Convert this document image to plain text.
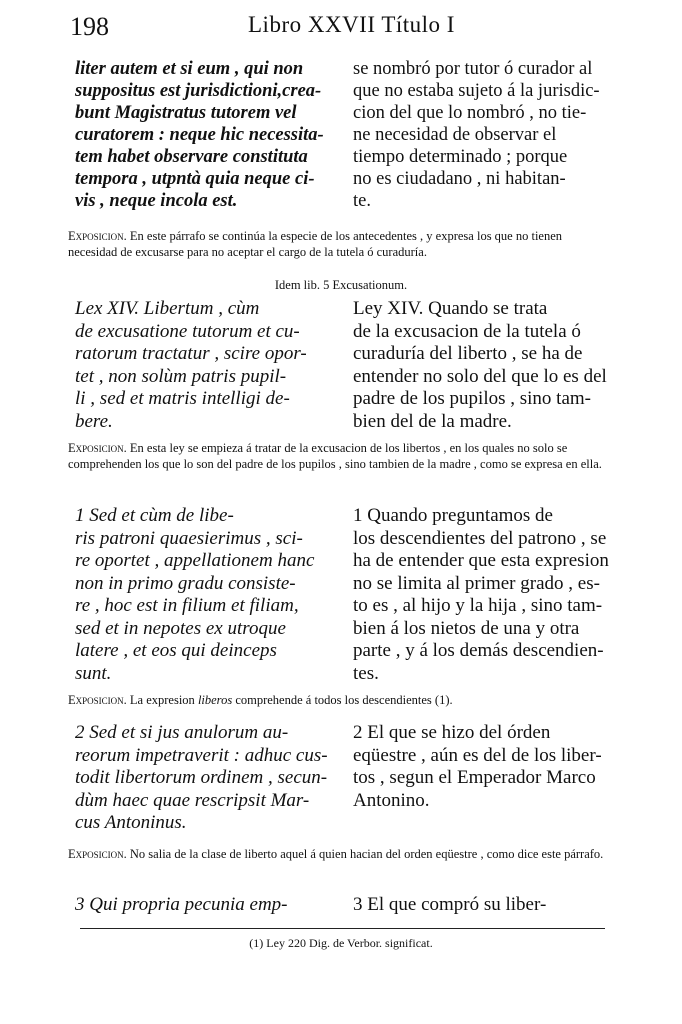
198	Libro XXVII Título I
liter autem et si eum , qui non
suppositus est jurisdictioni,crea-
bunt Magistratus tutorem vel
curatorem : neque hic necessita-
tem habet observare constituta
tempora , utpntà quia neque ci-
vis , neque incola est.
se nombró por tutor ó curador al
que no estaba sujeto á la jurisdic-
cion del que lo nombró , no tie-
ne necesidad de observar el
tiempo determinado ; porque
no es ciudadano , ni habitan-
te.
Exposicion. En este párrafo se continúa la especie de los antecedentes , y expresa los que no tienen necesidad de excusarse para no aceptar el cargo de la tutela ó curaduría.
Idem lib. 5 Excusationum.
Lex XIV. Libertum , cùm
de excusatione tutorum et cu-
ratorum tractatur , scire opor-
tet , non solùm patris pupil-
li , sed et matris intelligi de-
bere.
Ley XIV. Quando se trata
de la excusacion de la tutela ó
curaduría del liberto , se ha de
entender no solo del que lo es del
padre de los pupilos , sino tam-
bien del de la madre.
Exposicion. En esta ley se empieza á tratar de la excusacion de los libertos , en los quales no solo se comprehenden los que lo son del padre de los pupilos , sino tambien de la madre , como se expresa en ella.
1 Sed et cùm de libe-
ris patroni quaesierimus , sci-
re oportet , appellationem hanc
non in primo gradu consiste-
re , hoc est in filium et filiam,
sed et in nepotes ex utroque
latere , et eos qui deinceps
sunt.
1 Quando preguntamos de
los descendientes del patrono , se
ha de entender que esta expresion
no se limita al primer grado , es-
to es , al hijo y la hija , sino tam-
bien á los nietos de una y otra
parte , y á los demás descendien-
tes.
Exposicion. La expresion liberos comprehende á todos los descendientes (1).
2 Sed et si jus anulorum au-
reorum impetraverit : adhuc cus-
todit libertorum ordinem , secun-
dùm haec quae rescripsit Mar-
cus Antoninus.
2 El que se hizo del órden
eqüestre , aún es del de los liber-
tos , segun el Emperador Marco
Antonino.
Exposicion. No salia de la clase de liberto aquel á quien hacian del orden eqüestre , como dice este párrafo.
3 Qui propria pecunia emp-	3 El que compró su liber-
(1) Ley 220 Dig. de Verbor. significat.
